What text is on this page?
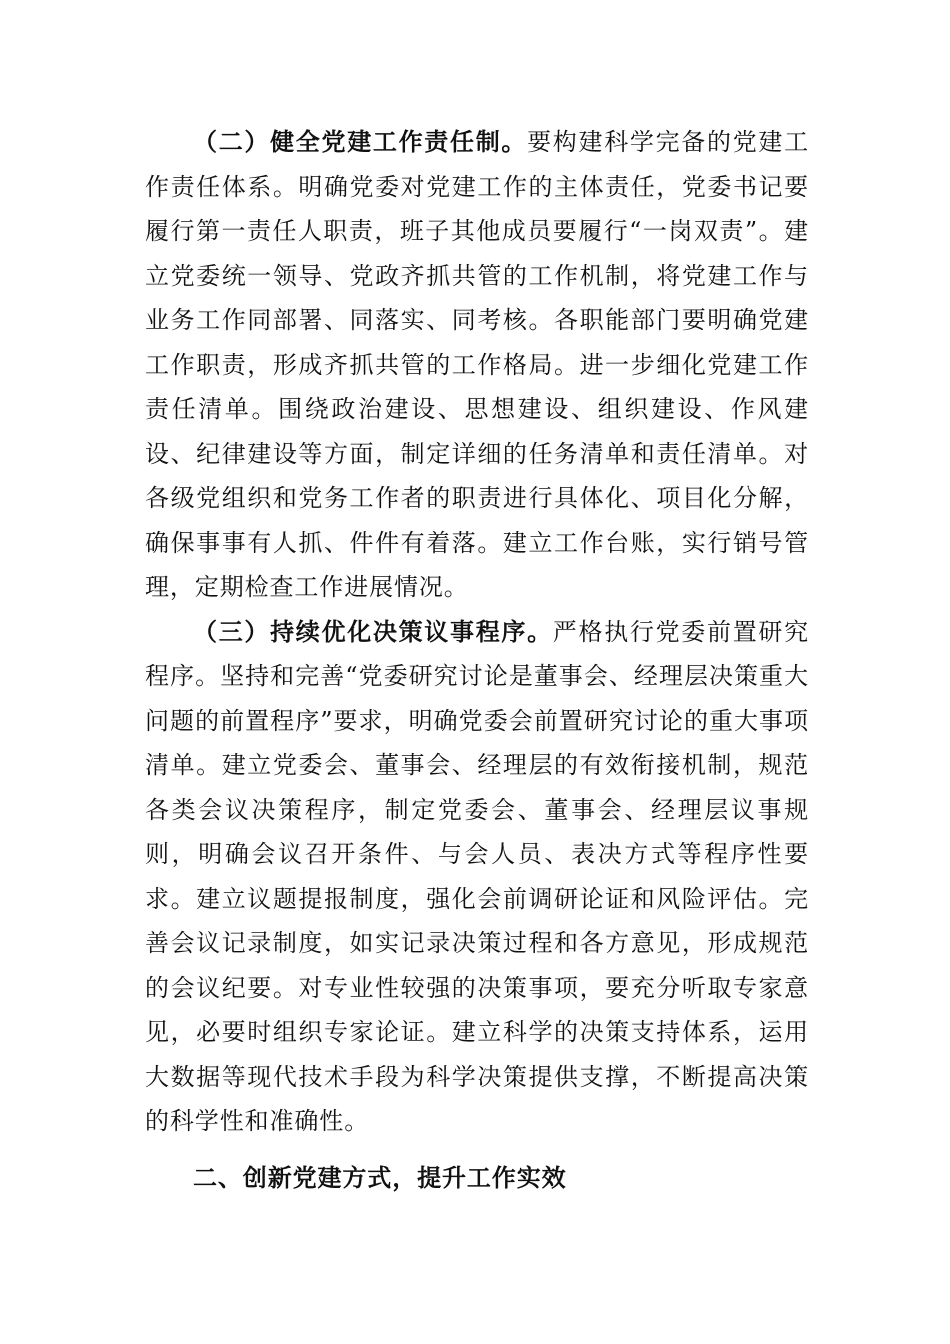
（二）健全党建工作责任制。要构建科学完备的党建工作责任体系。明确党委对党建工作的主体责任，党委书记要履行第一责任人职责，班子其他成员要履行“一岗双责”。建立党委统一领导、党政齐抓共管的工作机制，将党建工作与业务工作同部署、同落实、同考核。各职能部门要明确党建工作职责，形成齐抓共管的工作格局。进一步细化党建工作责任清单。围绕政治建设、思想建设、组织建设、作风建设、纪律建设等方面，制定详细的任务清单和责任清单。对各级党组织和党务工作者的职责进行具体化、项目化分解，确保事事有人抓、件件有着落。建立工作台账，实行销号管理，定期检查工作进展情况。

（三）持续优化决策议事程序。严格执行党委前置研究程序。坚持和完善“党委研究讨论是董事会、经理层决策重大问题的前置程序”要求，明确党委会前置研究讨论的重大事项清单。建立党委会、董事会、经理层的有效衔接机制，规范各类会议决策程序，制定党委会、董事会、经理层议事规则，明确会议召开条件、与会人员、表决方式等程序性要求。建立议题提报制度，强化会前调研论证和风险评估。完善会议记录制度，如实记录决策过程和各方意见，形成规范的会议纪要。对专业性较强的决策事项，要充分听取专家意见，必要时组织专家论证。建立科学的决策支持体系，运用大数据等现代技术手段为科学决策提供支撑，不断提高决策的科学性和准确性。

二、创新党建方式，提升工作实效
